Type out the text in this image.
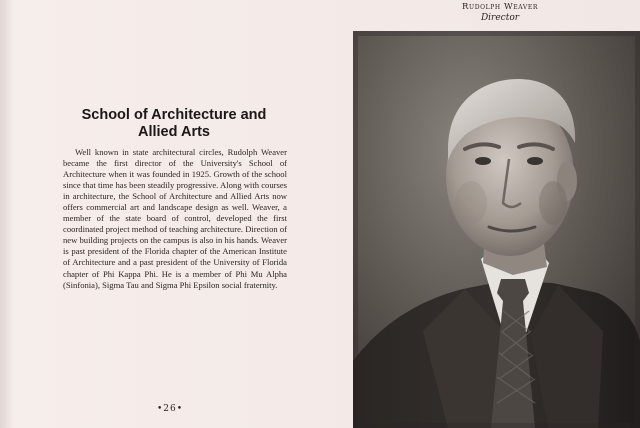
Rudolph Weaver
Director
School of Architecture and Allied Arts

Well known in state architectural circles, Rudolph Weaver became the first director of the University's School of Architecture when it was founded in 1925. Growth of the school since that time has been steadily progressive. Along with courses in architecture, the School of Architecture and Allied Arts now offers commercial art and landscape design as well. Weaver, a member of the state board of control, developed the first coordinated project method of teaching architecture. Direction of new building projects on the campus is also in his hands. Weaver is past president of the Florida chapter of the American Institute of Architecture and a past president of the University of Florida chapter of Phi Kappa Phi. He is a member of Phi Mu Alpha (Sinfonia), Sigma Tau and Sigma Phi Epsilon social fraternity.

•26•
